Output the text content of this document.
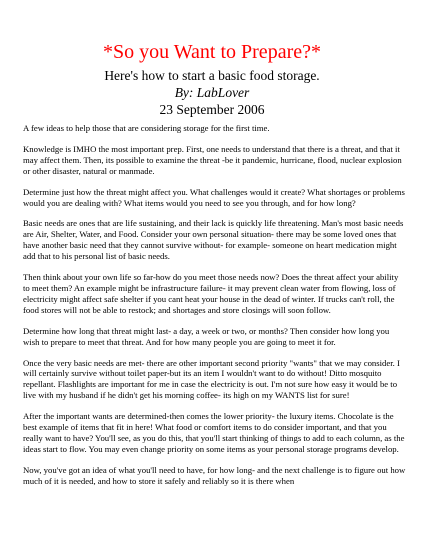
*So you Want to Prepare?*
Here's how to start a basic food storage.
By: LabLover
23 September 2006

A few ideas to help those that are considering storage for the first time.

Knowledge is IMHO the most important prep. First, one needs to understand that there is a threat, and that it may affect them. Then, its possible to examine the threat -be it pandemic, hurricane, flood, nuclear explosion or other disaster, natural or manmade.

Determine just how the threat might affect you. What challenges would it create? What shortages or problems would you are dealing with? What items would you need to see you through, and for how long?

Basic needs are ones that are life sustaining, and their lack is quickly life threatening. Man's most basic needs are Air, Shelter, Water, and Food. Consider your own personal situation- there may be some loved ones that have another basic need that they cannot survive without- for example- someone on heart medication might add that to his personal list of basic needs.

Then think about your own life so far-how do you meet those needs now? Does the threat affect your ability to meet them? An example might be infrastructure failure- it may prevent clean water from flowing, loss of electricity might affect safe shelter if you cant heat your house in the dead of winter. If trucks can't roll, the food stores will not be able to restock; and shortages and store closings will soon follow.

Determine how long that threat might last- a day, a week or two, or months? Then consider how long you wish to prepare to meet that threat. And for how many people you are going to meet it for.

Once the very basic needs are met- there are other important second priority "wants" that we may consider. I will certainly survive without toilet paper-but its an item I wouldn't want to do without! Ditto mosquito repellant. Flashlights are important for me in case the electricity is out. I'm not sure how easy it would be to live with my husband if he didn't get his morning coffee- its high on my WANTS list for sure!

After the important wants are determined-then comes the lower priority- the luxury items. Chocolate is the best example of items that fit in here! What food or comfort items to do consider important, and that you really want to have? You'll see, as you do this, that you'll start thinking of things to add to each column, as the ideas start to flow. You may even change priority on some items as your personal storage programs develop.

Now, you've got an idea of what you'll need to have, for how long- and the next challenge is to figure out how much of it is needed, and how to store it safely and reliably so it is there when
